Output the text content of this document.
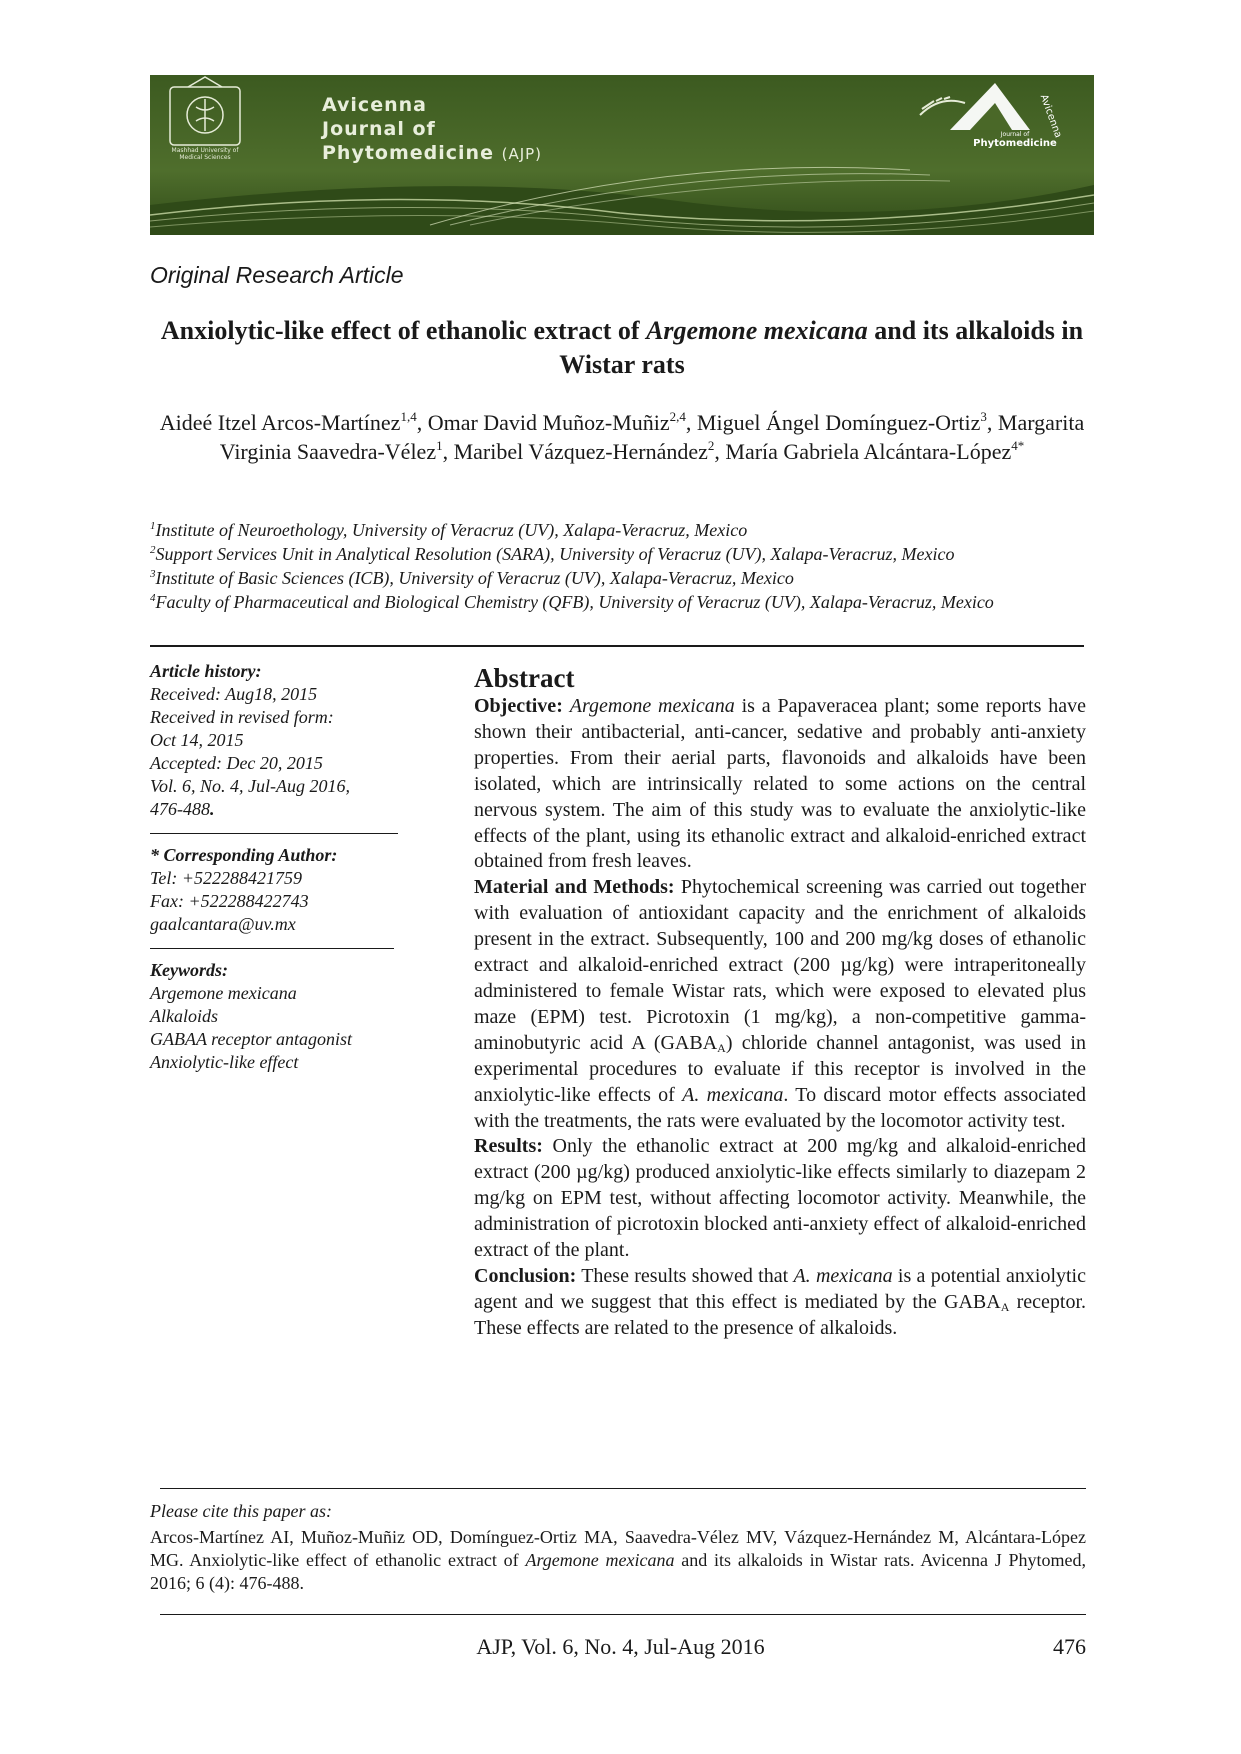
Avicenna
Journal of
Phytomedicine (AJP)
Mashhad University of Medical Sciences
Journal of
Phytomedicine
Avicenna
Original Research Article
Anxiolytic-like effect of ethanolic extract of Argemone mexicana and its alkaloids in Wistar rats
Aideé Itzel Arcos-Martínez$^{1,4}$, Omar David Muñoz-Muñiz$^{2,4}$, Miguel Ángel Domínguez-Ortiz$^3$, Margarita Virginia Saavedra-Vélez$^1$, Maribel Vázquez-Hernández$^2$, María Gabriela Alcántara-López$^{4*}$
$^1$Institute of Neuroethology, University of Veracruz (UV), Xalapa-Veracruz, Mexico
$^2$Support Services Unit in Analytical Resolution (SARA), University of Veracruz (UV), Xalapa-Veracruz, Mexico
$^3$Institute of Basic Sciences (ICB), University of Veracruz (UV), Xalapa-Veracruz, Mexico
$^4$Faculty of Pharmaceutical and Biological Chemistry (QFB), University of Veracruz (UV), Xalapa-Veracruz, Mexico
Article history:
Received: Aug18, 2015
Received in revised form:
Oct 14, 2015
Accepted: Dec 20, 2015
Vol. 6, No. 4, Jul-Aug 2016,
476-488.
* Corresponding Author:
Tel: +522288421759
Fax: +522288422743
gaalcantara@uv.mx
Keywords:
Argemone mexicana
Alkaloids
GABAA receptor antagonist
Anxiolytic-like effect
Abstract

Objective: Argemone mexicana is a Papaveracea plant; some reports have shown their antibacterial, anti-cancer, sedative and probably anti-anxiety properties. From their aerial parts, flavonoids and alkaloids have been isolated, which are intrinsically related to some actions on the central nervous system. The aim of this study was to evaluate the anxiolytic-like effects of the plant, using its ethanolic extract and alkaloid-enriched extract obtained from fresh leaves.

Material and Methods: Phytochemical screening was carried out together with evaluation of antioxidant capacity and the enrichment of alkaloids present in the extract. Subsequently, 100 and 200 mg/kg doses of ethanolic extract and alkaloid-enriched extract (200 µg/kg) were intraperitoneally administered to female Wistar rats, which were exposed to elevated plus maze (EPM) test. Picrotoxin (1 mg/kg), a non-competitive gamma-aminobutyric acid A $(GABA_A)$ chloride channel antagonist, was used in experimental procedures to evaluate if this receptor is involved in the anxiolytic-like effects of A. mexicana. To discard motor effects associated with the treatments, the rats were evaluated by the locomotor activity test.

Results: Only the ethanolic extract at 200 mg/kg and alkaloid-enriched extract (200 µg/kg) produced anxiolytic-like effects similarly to diazepam 2 mg/kg on EPM test, without affecting locomotor activity. Meanwhile, the administration of picrotoxin blocked anti-anxiety effect of alkaloid-enriched extract of the plant.

Conclusion: These results showed that A. mexicana is a potential anxiolytic agent and we suggest that this effect is mediated by the $GABA_A$ receptor. These effects are related to the presence of alkaloids.

Please cite this paper as:
Arcos-Martínez AI, Muñoz-Muñiz OD, Domínguez-Ortiz MA, Saavedra-Vélez MV, Vázquez-Hernández M, Alcántara-López MG. Anxiolytic-like effect of ethanolic extract of Argemone mexicana and its alkaloids in Wistar rats. Avicenna J Phytomed, 2016; 6 (4): 476-488.
AJP, Vol. 6, No. 4, Jul-Aug 2016	476
